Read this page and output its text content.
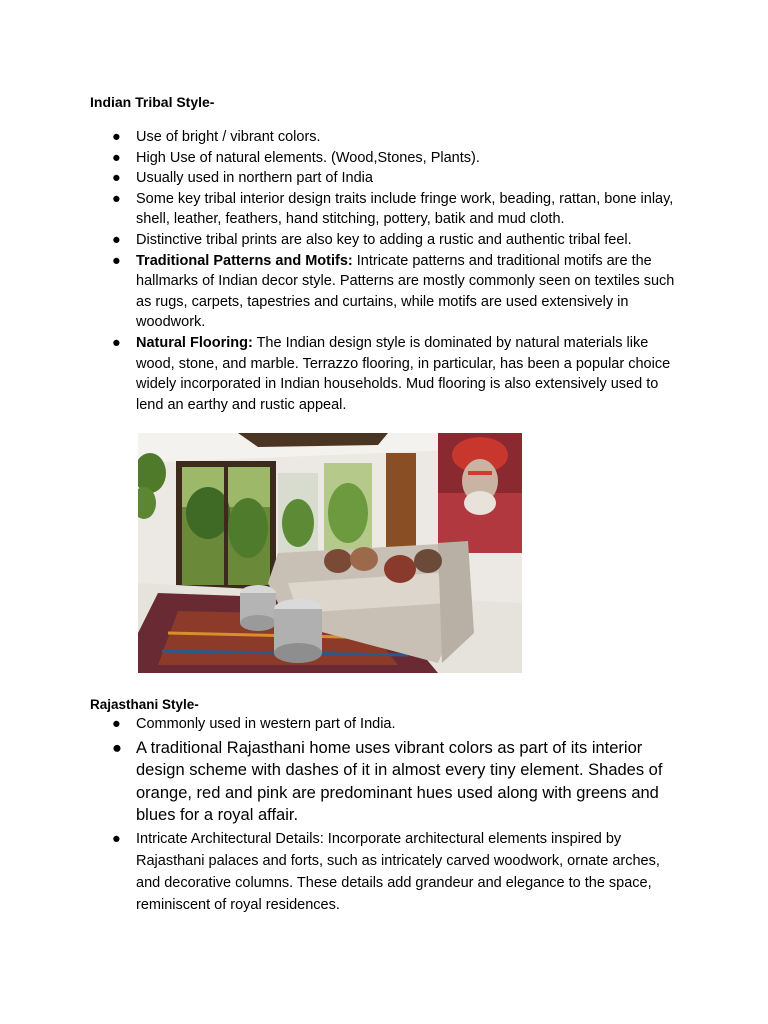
Indian Tribal Style-
● Use of bright / vibrant colors.
● High Use of natural elements. (Wood,Stones, Plants).
● Usually used in northern part of India
● Some key tribal interior design traits include fringe work, beading, rattan, bone inlay, shell, leather, feathers, hand stitching, pottery, batik and mud cloth.
● Distinctive tribal prints are also key to adding a rustic and authentic tribal feel.
● Traditional Patterns and Motifs: Intricate patterns and traditional motifs are the hallmarks of Indian decor style. Patterns are mostly commonly seen on textiles such as rugs, carpets, tapestries and curtains, while motifs are used extensively in woodwork.
● Natural Flooring: The Indian design style is dominated by natural materials like wood, stone, and marble. Terrazzo flooring, in particular, has been a popular choice widely incorporated in Indian households. Mud flooring is also extensively used to lend an earthy and rustic appeal.
Rajasthani Style-
● Commonly used in western part of India.
● A traditional Rajasthani home uses vibrant colors as part of its interior design scheme with dashes of it in almost every tiny element. Shades of orange, red and pink are predominant hues used along with greens and blues for a royal affair.
● Intricate Architectural Details: Incorporate architectural elements inspired by Rajasthani palaces and forts, such as intricately carved woodwork, ornate arches, and decorative columns. These details add grandeur and elegance to the space, reminiscent of royal residences.
